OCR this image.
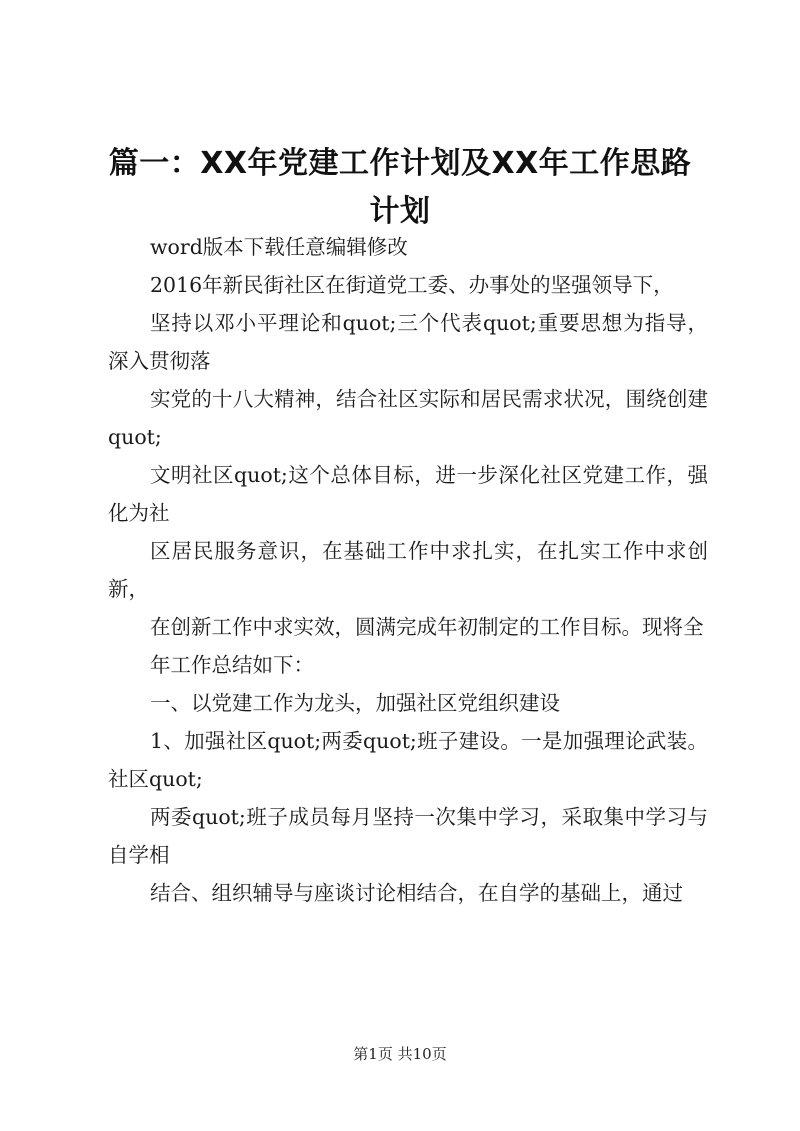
篇一：XX年党建工作计划及XX年工作思路计划

word版本下载任意编辑修改

2016年新民街社区在街道党工委、办事处的坚强领导下，

坚持以邓小平理论和quot;三个代表quot;重要思想为指导，深入贯彻落

实党的十八大精神，结合社区实际和居民需求状况，围绕创建quot;

文明社区quot;这个总体目标，进一步深化社区党建工作，强化为社

区居民服务意识，在基础工作中求扎实，在扎实工作中求创新，

在创新工作中求实效，圆满完成年初制定的工作目标。现将全

年工作总结如下：

一、以党建工作为龙头，加强社区党组织建设

1、加强社区quot;两委quot;班子建设。一是加强理论武装。社区quot;

两委quot;班子成员每月坚持一次集中学习，采取集中学习与自学相

结合、组织辅导与座谈讨论相结合，在自学的基础上，通过

第1页 共10页
